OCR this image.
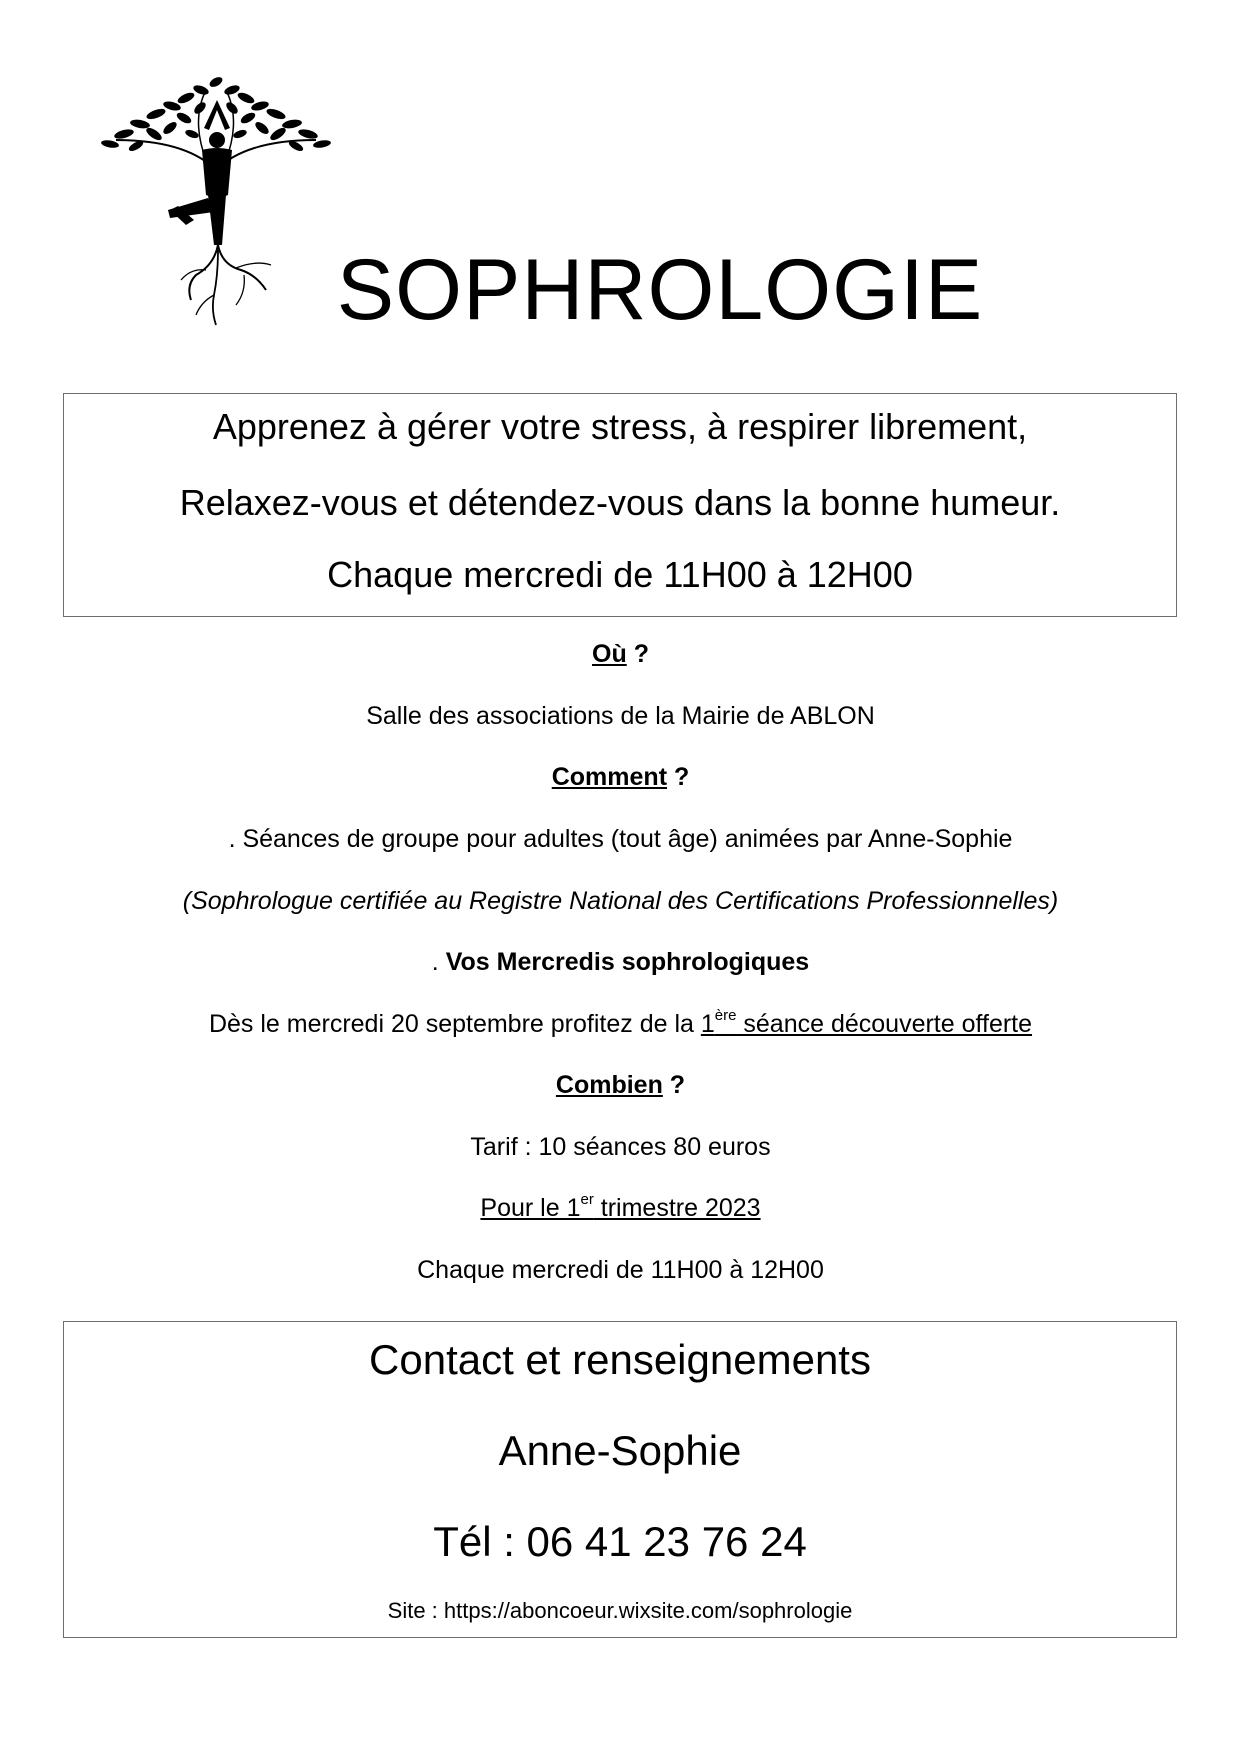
SOPHROLOGIE

Apprenez à gérer votre stress, à respirer librement,

Relaxez-vous et détendez-vous dans la bonne humeur.

Chaque mercredi de 11H00 à 12H00

Où ?

Salle des associations de la Mairie de ABLON

Comment ?

. Séances de groupe pour adultes (tout âge) animées par Anne-Sophie

(Sophrologue certifiée au Registre National des Certifications Professionnelles)

. Vos Mercredis sophrologiques

Dès le mercredi 20 septembre profitez de la 1ère séance découverte offerte

Combien ?

Tarif : 10 séances 80 euros

Pour le 1er trimestre 2023

Chaque mercredi de 11H00 à 12H00

Contact et renseignements

Anne-Sophie

Tél : 06 41 23 76 24

Site : https://aboncoeur.wixsite.com/sophrologie
